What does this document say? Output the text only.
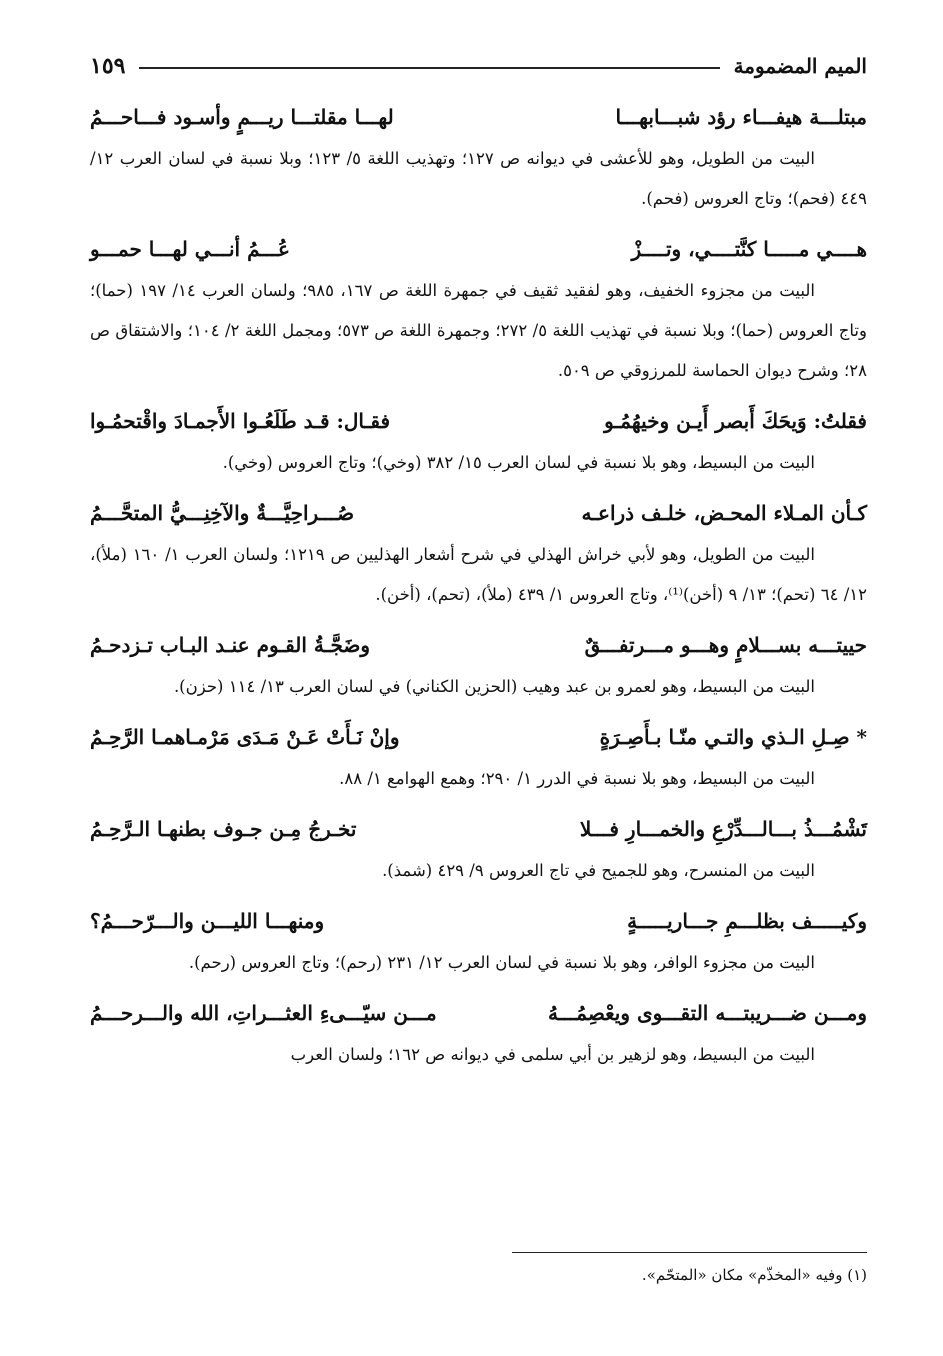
الميم المضمومة
١٥٩
مبتلـــة هيفـــاء رؤد شبـــابهـــا
لهـــا مقلتـــا ريـــمٍ وأسـود فـــاحـــمُ

البيت من الطويل، وهو للأعشى في ديوانه ص ١٢٧؛ وتهذيب اللغة ٥/ ١٢٣؛ وبلا نسبة في لسان العرب ١٢/ ٤٤٩ (فحم)؛ وتاج العروس (فحم).

هــــي مـــــا كنَّتــــي، وتــــزْ
عُـــمُ أنـــي لهـــا حمـــو

البيت من مجزوء الخفيف، وهو لفقيد ثقيف في جمهرة اللغة ص ١٦٧، ٩٨٥؛ ولسان العرب ١٤/ ١٩٧ (حما)؛ وتاج العروس (حما)؛ وبلا نسبة في تهذيب اللغة ٥/ ٢٧٢؛ وجمهرة اللغة ص ٥٧٣؛ ومجمل اللغة ٢/ ١٠٤؛ والاشتقاق ص ٢٨؛ وشرح ديوان الحماسة للمرزوقي ص ٥٠٩.

فقلتُ: وَيحَكَ أَبصر أَيـن وخيهُمُـو
فقـال: قـد طَلَعُـوا الأَجمـادَ واقْتحمُـوا

البيت من البسيط، وهو بلا نسبة في لسان العرب ١٥/ ٣٨٢ (وخي)؛ وتاج العروس (وخي).

كـأن المـلاء المحـض، خلـف ذراعـه
صُـــراحِيَّـــةٌ والآخِنِـــيُّ المتحَّـــمُ

البيت من الطويل، وهو لأبي خراش الهذلي في شرح أشعار الهذليين ص ١٢١٩؛ ولسان العرب ١/ ١٦٠ (ملأ)، ١٢/ ٦٤ (تحم)؛ ١٣/ ٩ (أخن)⁽¹⁾، وتاج العروس ١/ ٤٣٩ (ملأ)، (تحم)، (أخن).

حييتـــه بســـلامٍ وهـــو مـــرتفـــقٌ
وضَجَّـةُ القـوم عنـد البـاب تـزدحـمُ

البيت من البسيط، وهو لعمرو بن عبد وهيب (الحزين الكناني) في لسان العرب ١٣/ ١١٤ (حزن).

* صِـلِ الـذي والتـي منّـا بـأَصِـرَةٍ
وإنْ نَـأَتْ عَـنْ مَـدَى مَرْمـاهمـا الرَّحِـمُ

البيت من البسيط، وهو بلا نسبة في الدرر ١/ ٢٩٠؛ وهمع الهوامع ١/ ٨٨.

تَشْمُـــذُ بـــالـــدِّرْعِ والخمـــارِ فـــلا
تخـرجُ مِـن جـوف بطنهـا الـرَّحِـمُ

البيت من المنسرح، وهو للجميح في تاج العروس ٩/ ٤٢٩ (شمذ).

وكيـــــف بظلـــمِ جـــاريـــــةٍ
ومنهـــا الليـــن والـــرّحـــمُ؟

البيت من مجزوء الوافر، وهو بلا نسبة في لسان العرب ١٢/ ٢٣١ (رحم)؛ وتاج العروس (رحم).

ومـــن ضـــريبتـــه التقـــوى ويعْصِمُـــهُ
مـــن سيّـــىءِ العثـــراتِ، الله والـــرحـــمُ

البيت من البسيط، وهو لزهير بن أبي سلمى في ديوانه ص ١٦٢؛ ولسان العرب

(١) وفيه «المخذّم» مكان «المتحّم».
